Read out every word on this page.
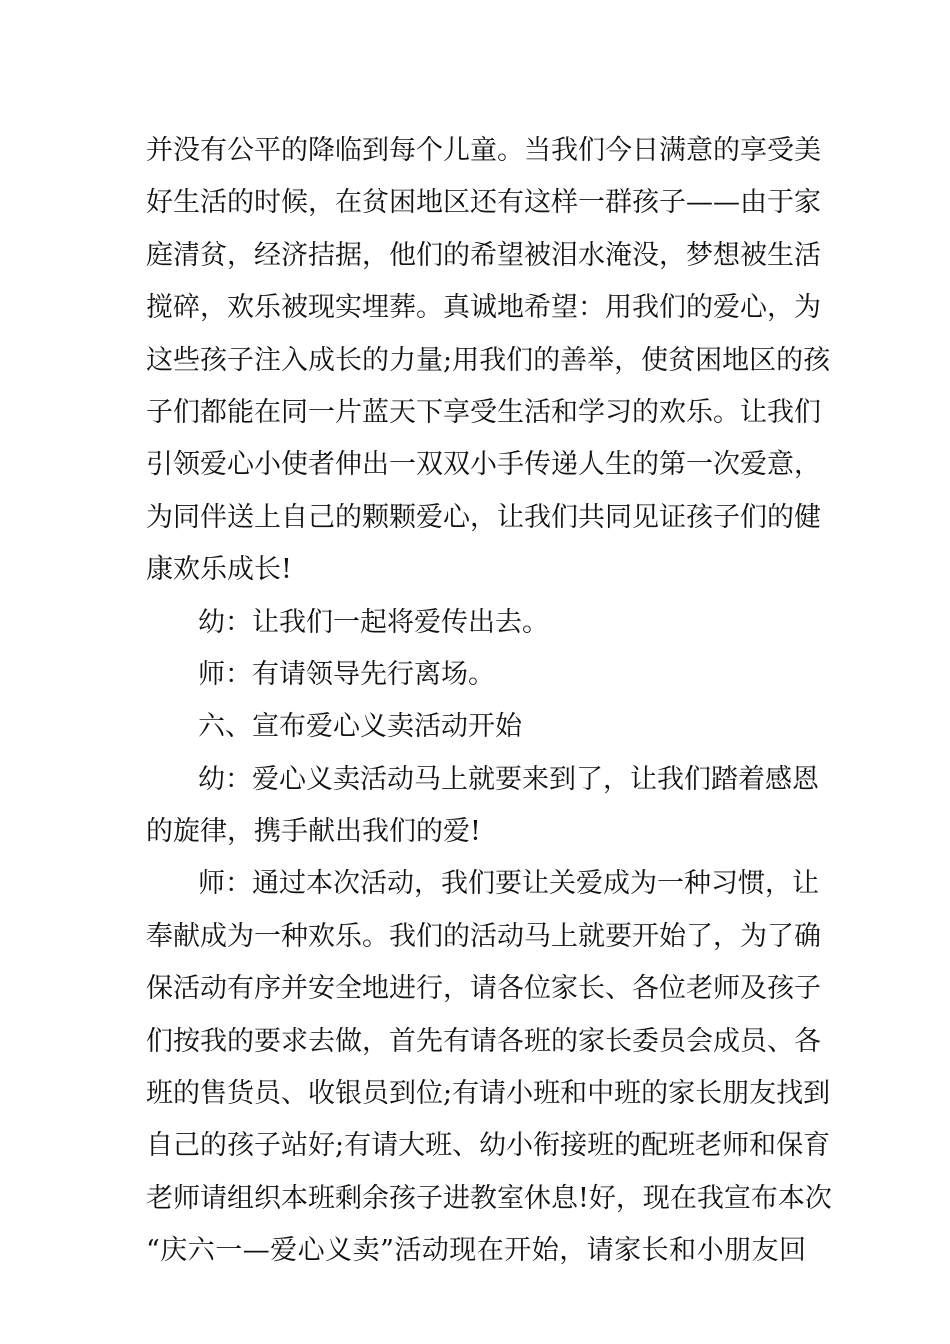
并没有公平的降临到每个儿童。当我们今日满意的享受美
好生活的时候，在贫困地区还有这样一群孩子——由于家
庭清贫，经济拮据，他们的希望被泪水淹没，梦想被生活
搅碎，欢乐被现实埋葬。真诚地希望：用我们的爱心，为
这些孩子注入成长的力量;用我们的善举，使贫困地区的孩
子们都能在同一片蓝天下享受生活和学习的欢乐。让我们
引领爱心小使者伸出一双双小手传递人生的第一次爱意，
为同伴送上自己的颗颗爱心，让我们共同见证孩子们的健
康欢乐成长!
幼：让我们一起将爱传出去。
师：有请领导先行离场。
六、宣布爱心义卖活动开始
幼：爱心义卖活动马上就要来到了，让我们踏着感恩
的旋律，携手献出我们的爱!
师：通过本次活动，我们要让关爱成为一种习惯，让
奉献成为一种欢乐。我们的活动马上就要开始了，为了确
保活动有序并安全地进行，请各位家长、各位老师及孩子
们按我的要求去做，首先有请各班的家长委员会成员、各
班的售货员、收银员到位;有请小班和中班的家长朋友找到
自己的孩子站好;有请大班、幼小衔接班的配班老师和保育
老师请组织本班剩余孩子进教室休息!好，现在我宣布本次
“庆六一—爱心义卖”活动现在开始，请家长和小朋友回
